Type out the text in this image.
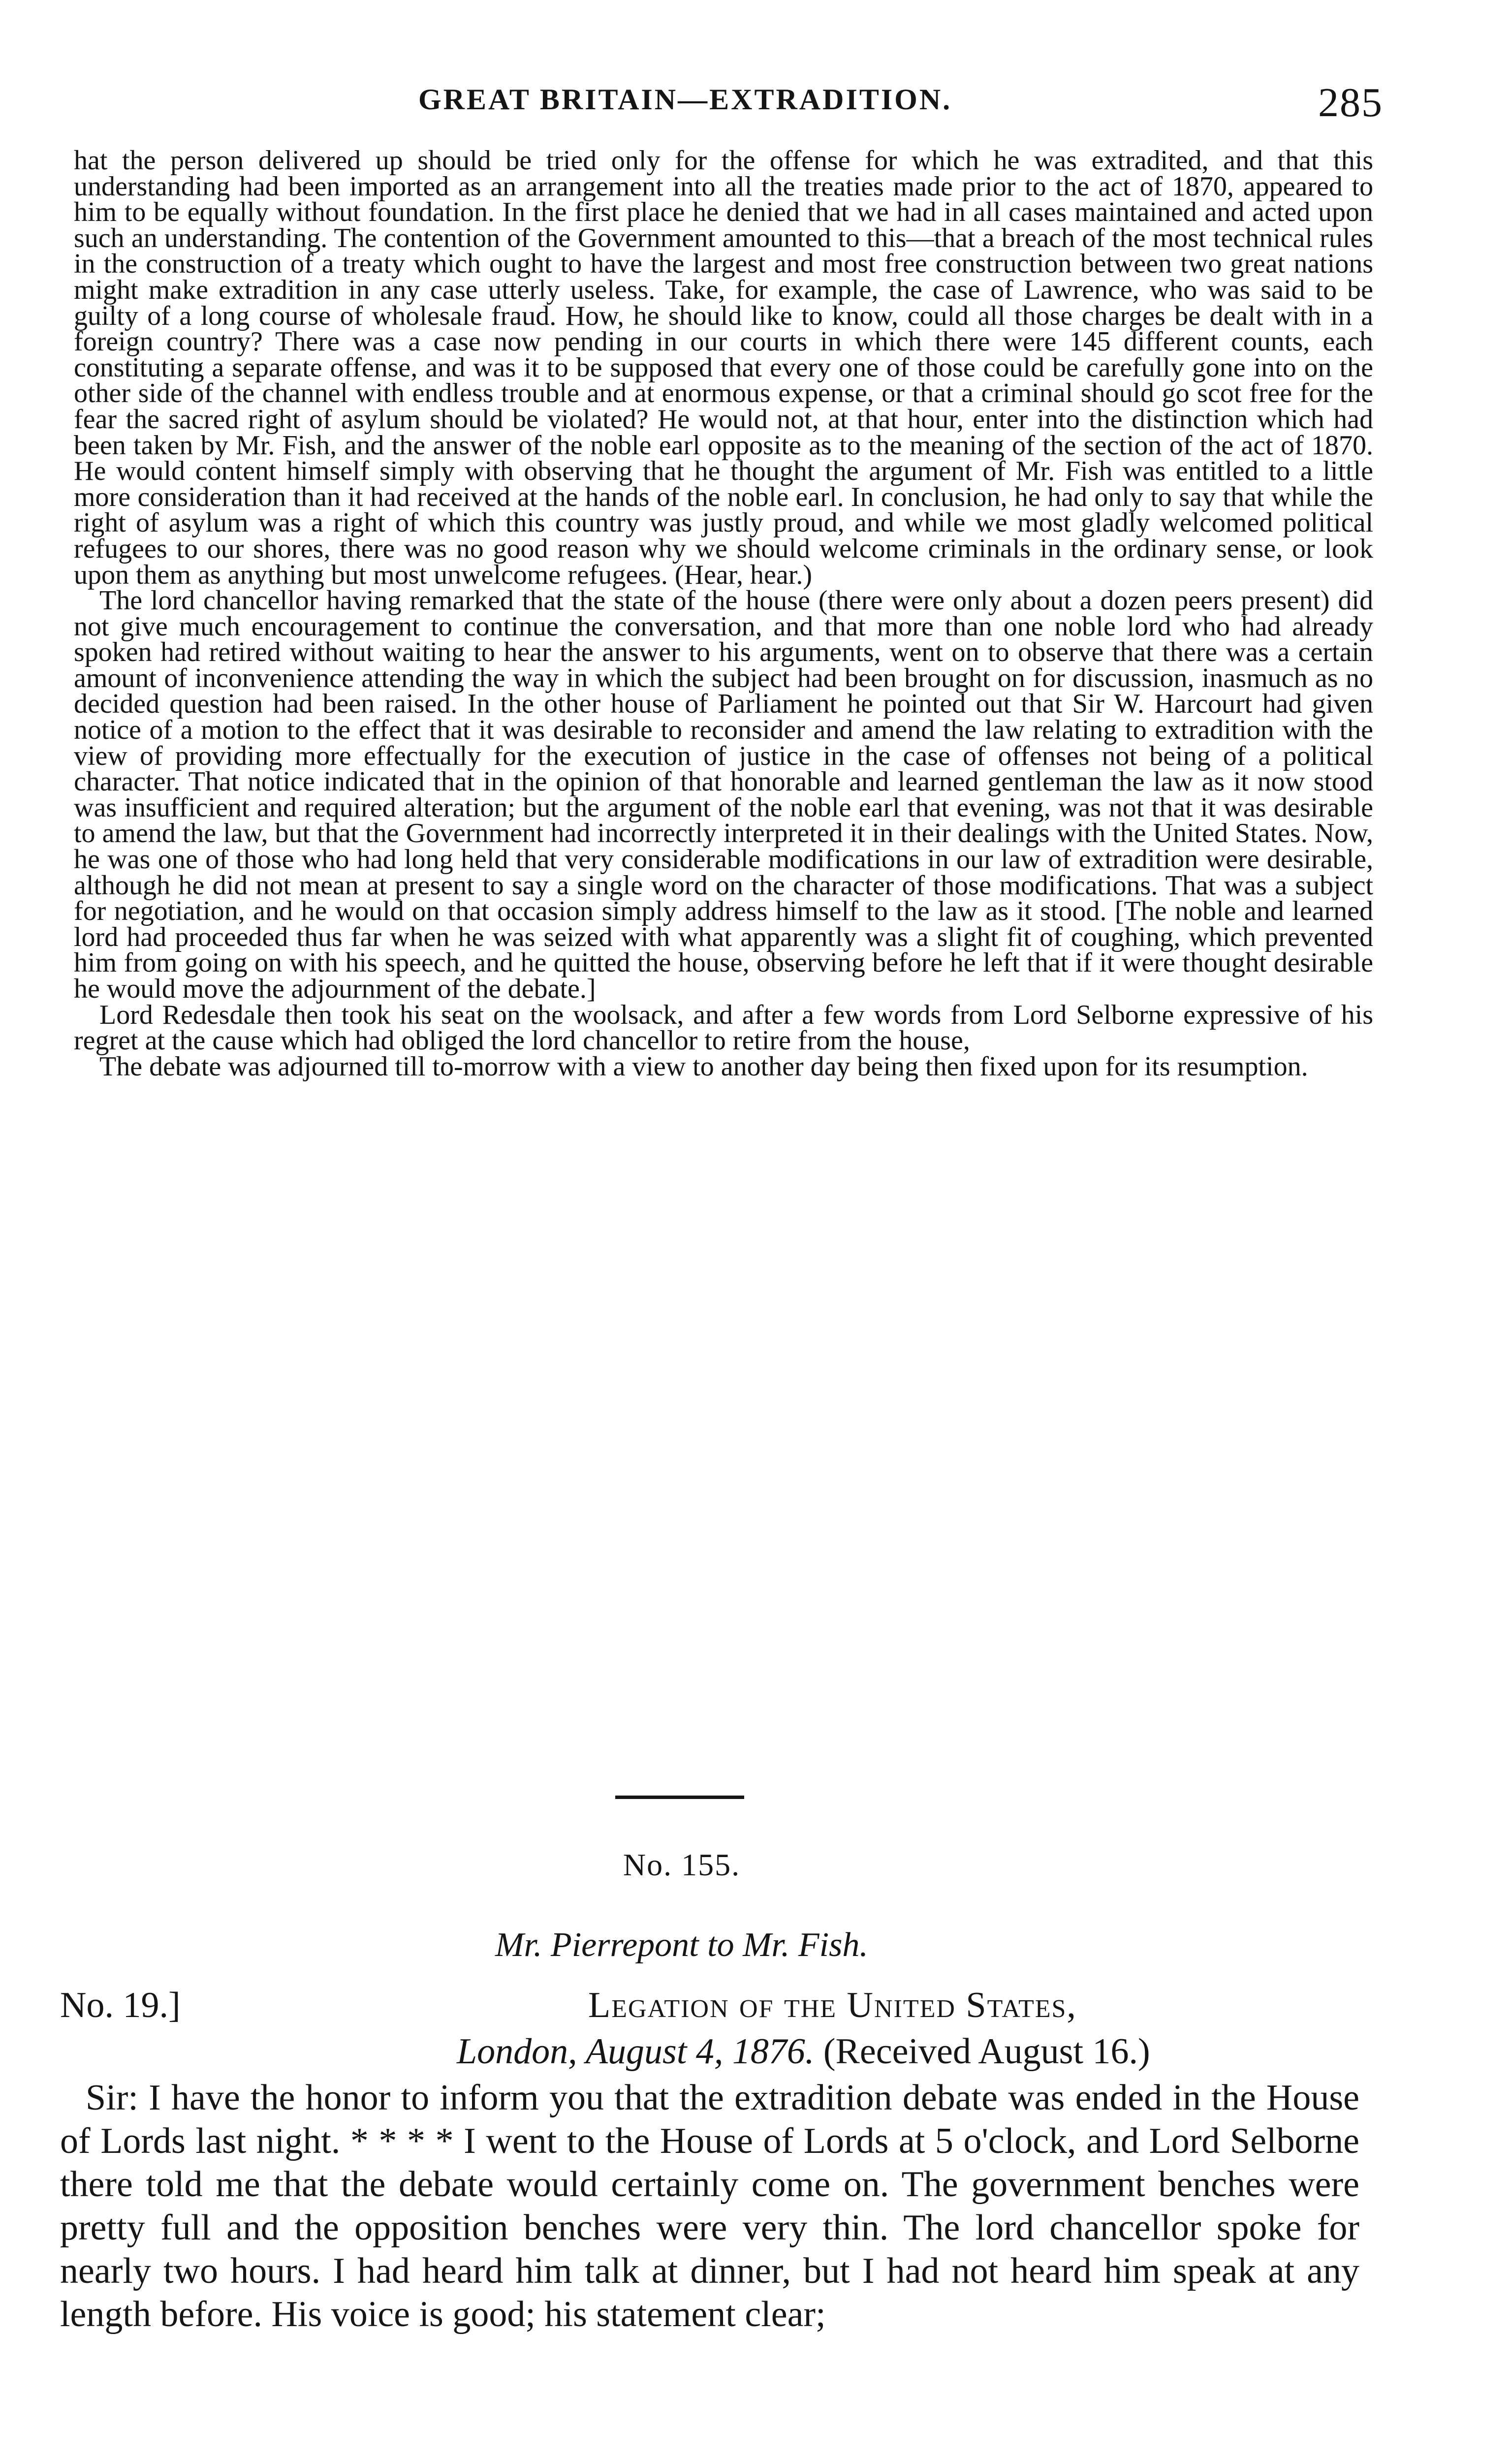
GREAT BRITAIN—EXTRADITION.	285

hat the person delivered up should be tried only for the offense for which he was extradited, and that this understanding had been imported as an arrangement into all the treaties made prior to the act of 1870, appeared to him to be equally without foundation. In the first place he denied that we had in all cases maintained and acted upon such an understanding. The contention of the Government amounted to this—that a breach of the most technical rules in the construction of a treaty which ought to have the largest and most free construction between two great nations might make extradition in any case utterly useless. Take, for example, the case of Lawrence, who was said to be guilty of a long course of wholesale fraud. How, he should like to know, could all those charges be dealt with in a foreign country? There was a case now pending in our courts in which there were 145 different counts, each constituting a separate offense, and was it to be supposed that every one of those could be carefully gone into on the other side of the channel with endless trouble and at enormous expense, or that a criminal should go scot free for the fear the sacred right of asylum should be violated? He would not, at that hour, enter into the distinction which had been taken by Mr. Fish, and the answer of the noble earl opposite as to the meaning of the section of the act of 1870. He would content himself simply with observing that he thought the argument of Mr. Fish was entitled to a little more consideration than it had received at the hands of the noble earl. In conclusion, he had only to say that while the right of asylum was a right of which this country was justly proud, and while we most gladly welcomed political refugees to our shores, there was no good reason why we should welcome criminals in the ordinary sense, or look upon them as anything but most unwelcome refugees. (Hear, hear.)

The lord chancellor having remarked that the state of the house (there were only about a dozen peers present) did not give much encouragement to continue the conversation, and that more than one noble lord who had already spoken had retired without waiting to hear the answer to his arguments, went on to observe that there was a certain amount of inconvenience attending the way in which the subject had been brought on for discussion, inasmuch as no decided question had been raised. In the other house of Parliament he pointed out that Sir W. Harcourt had given notice of a motion to the effect that it was desirable to reconsider and amend the law relating to extradition with the view of providing more effectually for the execution of justice in the case of offenses not being of a political character. That notice indicated that in the opinion of that honorable and learned gentleman the law as it now stood was insufficient and required alteration; but the argument of the noble earl that evening, was not that it was desirable to amend the law, but that the Government had incorrectly interpreted it in their dealings with the United States. Now, he was one of those who had long held that very considerable modifications in our law of extradition were desirable, although he did not mean at present to say a single word on the character of those modifications. That was a subject for negotiation, and he would on that occasion simply address himself to the law as it stood. [The noble and learned lord had proceeded thus far when he was seized with what apparently was a slight fit of coughing, which prevented him from going on with his speech, and he quitted the house, observing before he left that if it were thought desirable he would move the adjournment of the debate.]

Lord Redesdale then took his seat on the woolsack, and after a few words from Lord Selborne expressive of his regret at the cause which had obliged the lord chancellor to retire from the house,

The debate was adjourned till to-morrow with a view to another day being then fixed upon for its resumption.

No. 155.
Mr. Pierrepont to Mr. Fish.
No. 19.]	Legation of the United States,
London, August 4, 1876. (Received August 16.)

Sir: I have the honor to inform you that the extradition debate was ended in the House of Lords last night. * * * * I went to the House of Lords at 5 o'clock, and Lord Selborne there told me that the debate would certainly come on. The government benches were pretty full and the opposition benches were very thin. The lord chancellor spoke for nearly two hours. I had heard him talk at dinner, but I had not heard him speak at any length before. His voice is good; his statement clear;
